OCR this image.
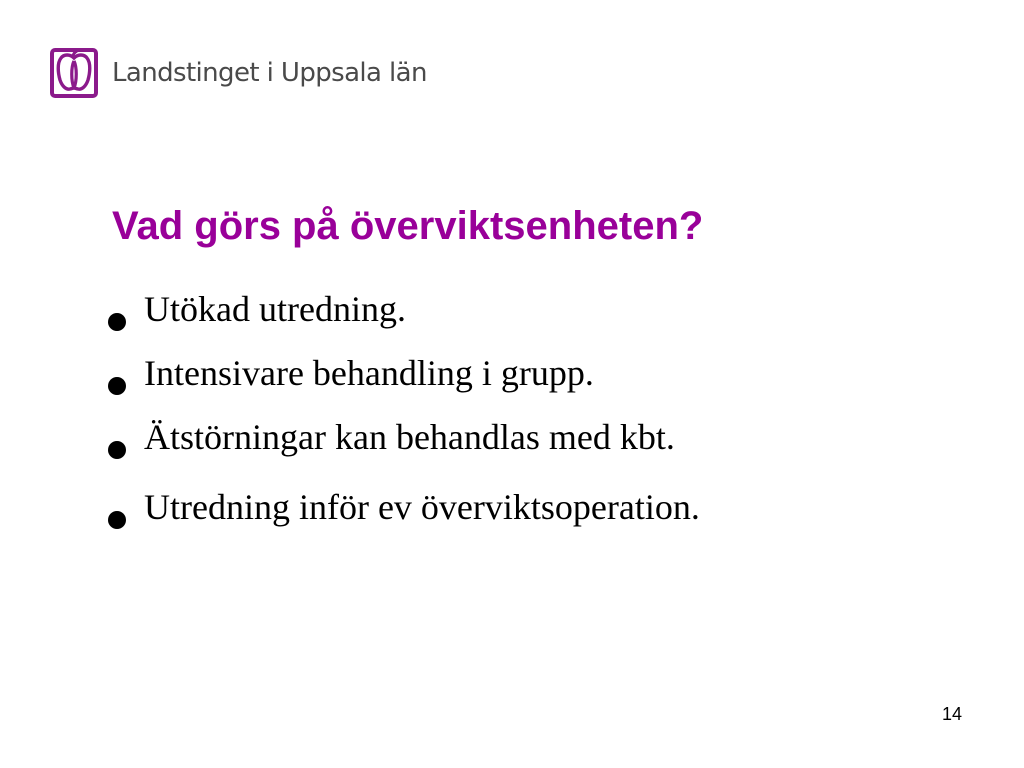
Landstinget i Uppsala län
Vad görs på överviktsenheten?
Utökad utredning.
Intensivare behandling i grupp.
Ätstörningar kan behandlas med kbt.
Utredning inför ev överviktsoperation.
14
